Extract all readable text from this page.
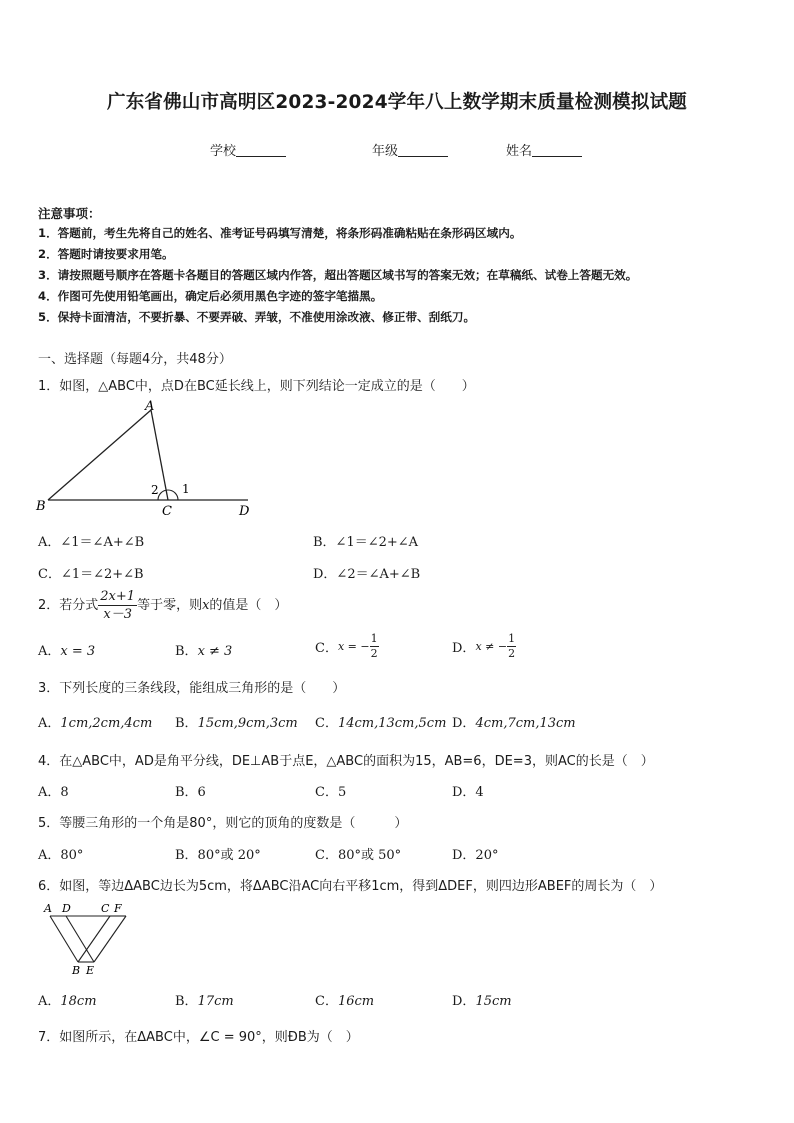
广东省佛山市高明区2023-2024学年八上数学期末质量检测模拟试题
学校	年级	姓名
注意事项：
1．答题前，考生先将自己的姓名、准考证号码填写清楚，将条形码准确粘贴在条形码区域内。
2．答题时请按要求用笔。
3．请按照题号顺序在答题卡各题目的答题区域内作答，超出答题区域书写的答案无效；在草稿纸、试卷上答题无效。
4．作图可先使用铅笔画出，确定后必须用黑色字迹的签字笔描黑。
5．保持卡面清洁，不要折暴、不要弄破、弄皱，不准使用涂改液、修正带、刮纸刀。
一、选择题（每题4分，共48分）
1．如图，△ABC中，点D在BC延长线上，则下列结论一定成立的是（　　）
A
B	C	D
1
2
A．∠1＝∠A+∠B	B．∠1＝∠2+∠A
C．∠1＝∠2+∠B	D．∠2＝∠A+∠B
2．若分式 $\frac{2x+1}{x-3}$ 等于零，则x的值是（　）
A．x = 3	B．x ≠ 3	C．x = − $\frac{1}{2}$	D．x ≠ − $\frac{1}{2}$
3．下列长度的三条线段，能组成三角形的是（　　）
A．1cm,2cm,4cm B．15cm,9cm,3cm C．14cm,13cm,5cm D．4cm,7cm,13cm
4．在△ABC中，AD是角平分线，DE⊥AB于点E，△ABC的面积为15，AB=6，DE=3，则AC的长是（　）
A．8	B．6	C．5	D．4
5．等腰三角形的一个角是80°，则它的顶角的度数是（　　　）
A．80°	B．80°或 20°	C．80°或 50°	D．20°
6．如图，等边ΔABC边长为5cm，将ΔABC沿AC向右平移1cm，得到ΔDEF，则四边形ABEF的周长为（　）
A D	C F
B E
A．18cm	B．17cm	C．16cm	D．15cm
7．如图所示，在ΔABC中，∠C = 90°，则ÐB为（　）
